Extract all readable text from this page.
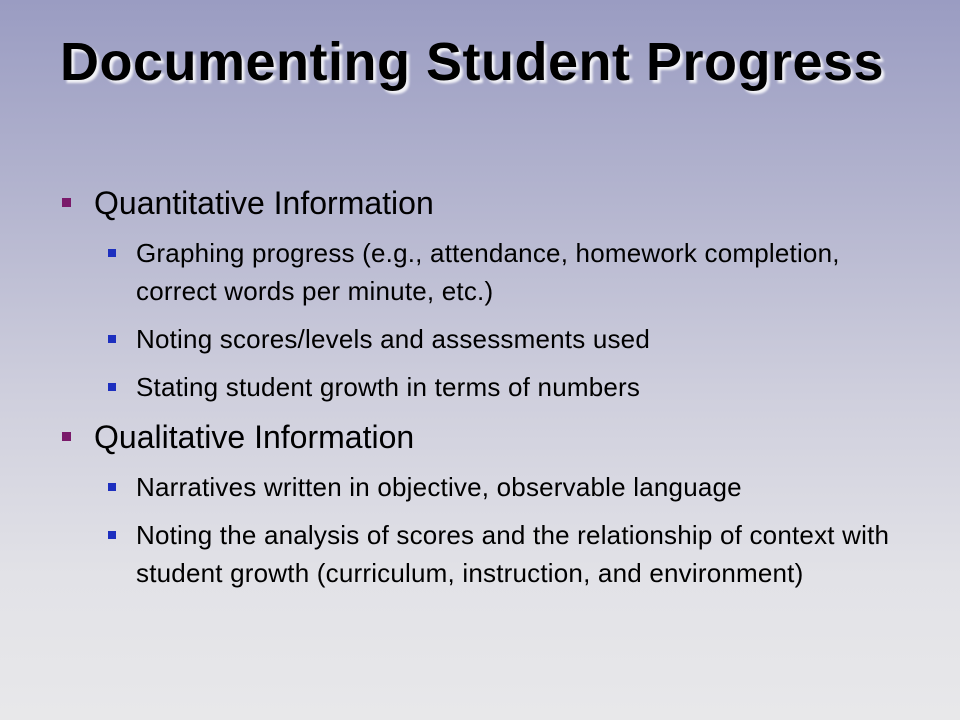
Documenting Student Progress

Quantitative Information

Graphing progress (e.g., attendance, homework completion, correct words per minute, etc.)

Noting scores/levels and assessments used

Stating student growth in terms of numbers

Qualitative Information

Narratives written in objective, observable language

Noting the analysis of scores and the relationship of context with student growth (curriculum, instruction, and environment)
